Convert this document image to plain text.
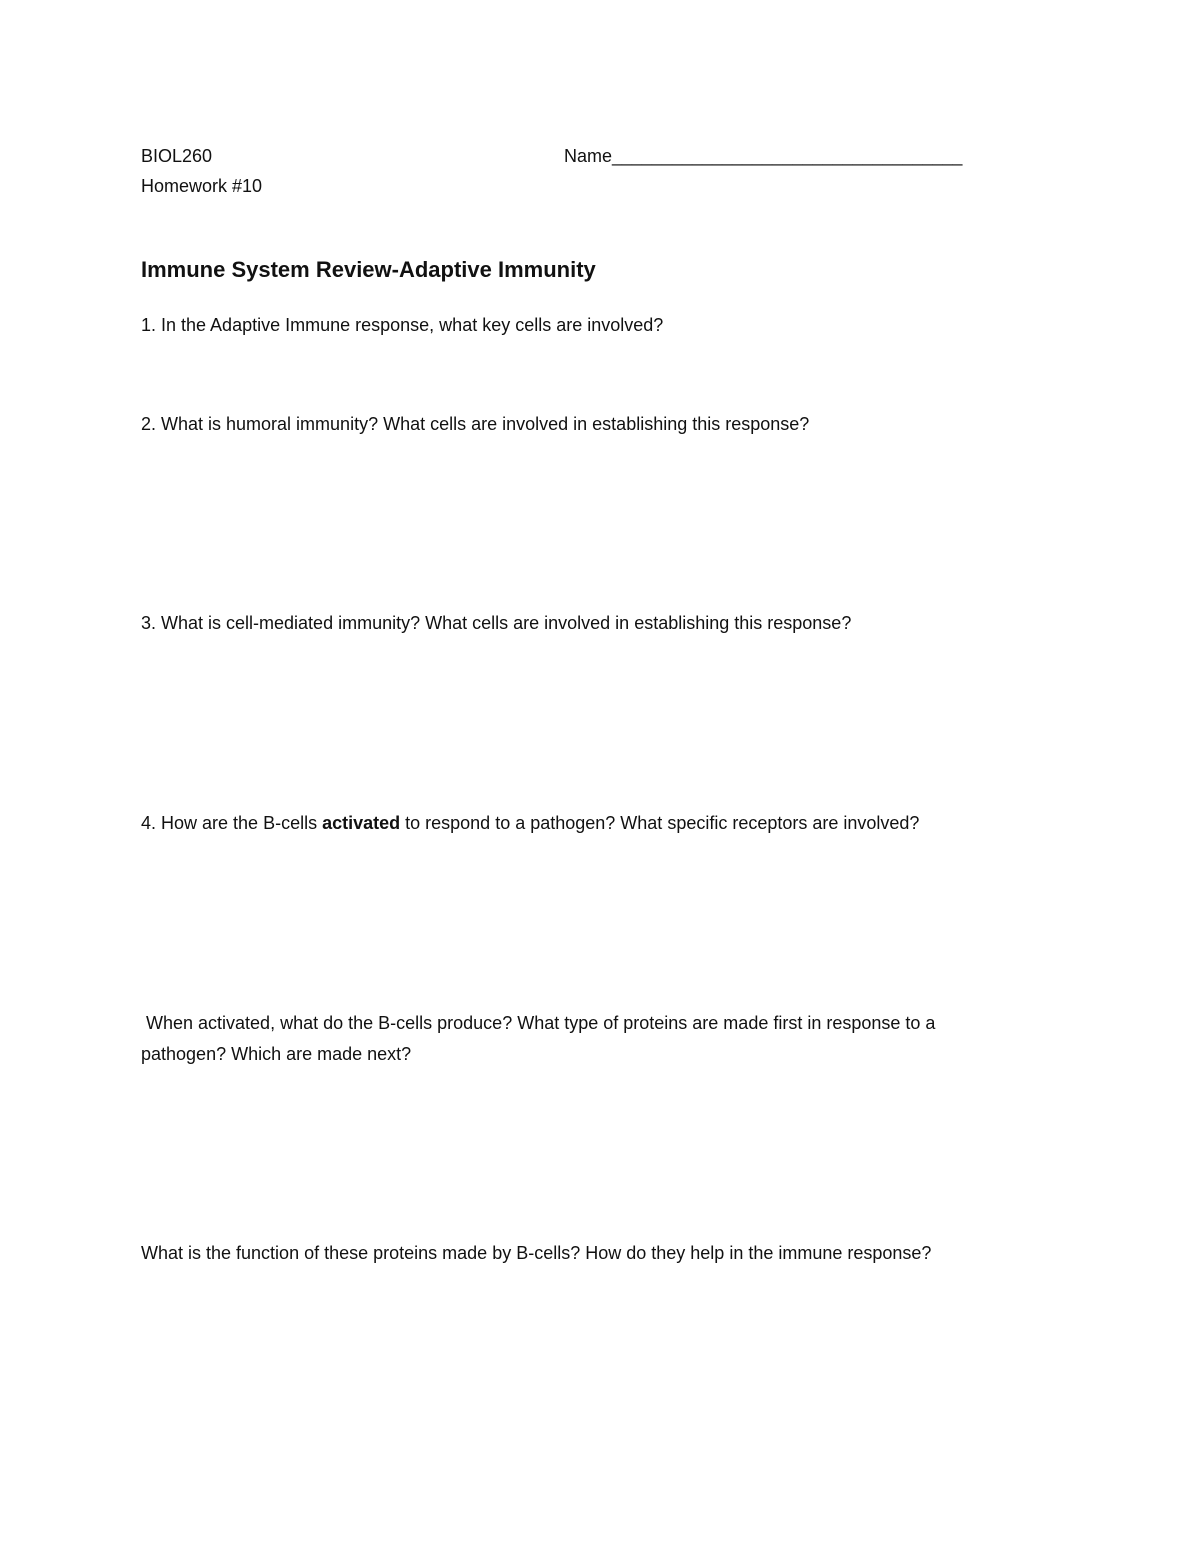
BIOL260	Name___________________________________
Homework #10
Immune System Review-Adaptive Immunity
1. In the Adaptive Immune response, what key cells are involved?
2. What is humoral immunity? What cells are involved in establishing this response?
3. What is cell-mediated immunity? What cells are involved in establishing this response?
4. How are the B-cells activated to respond to a pathogen? What specific receptors are involved?
When activated, what do the B-cells produce? What type of proteins are made first in response to a
pathogen? Which are made next?
What is the function of these proteins made by B-cells? How do they help in the immune response?
